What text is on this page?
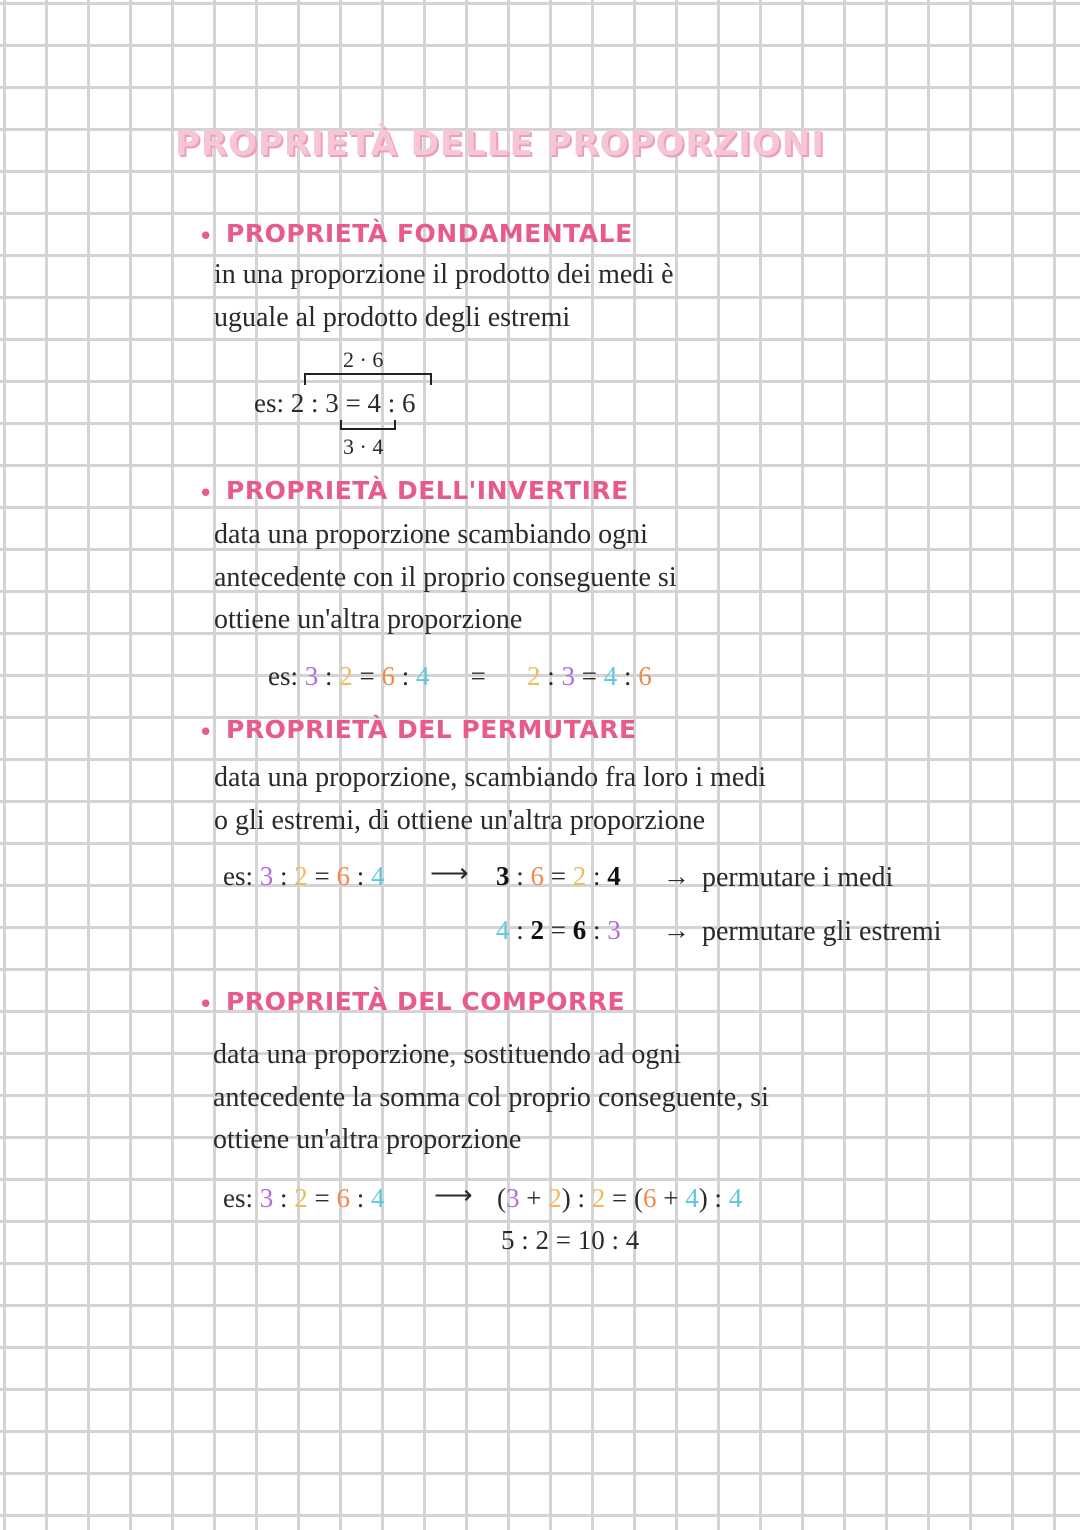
PROPRIETÀ DELLE PROPORZIONI
• PROPRIETÀ FONDAMENTALE
in una proporzione il prodotto dei medi è
uguale al prodotto degli estremi
2 · 6
es: 2 : 3 = 4 : 6
3 · 4
• PROPRIETÀ DELL'INVERTIRE
data una proporzione scambiando ogni
antecedente con il proprio conseguente si
ottiene un'altra proporzione
es: 3 : 2 = 6 : 4 = 2 : 3 = 4 : 6
• PROPRIETÀ DEL PERMUTARE
data una proporzione, scambiando fra loro i medi
o gli estremi, di ottiene un'altra proporzione
es: 3 : 2 = 6 : 4 ⟶ 3 : 6 = 2 : 4 → permutare i medi
4 : 2 = 6 : 3 → permutare gli estremi
• PROPRIETÀ DEL COMPORRE
data una proporzione, sostituendo ad ogni
antecedente la somma col proprio conseguente, si
ottiene un'altra proporzione
es: 3 : 2 = 6 : 4 ⟶ (3 + 2) : 2 = (6 + 4) : 4
5 : 2 = 10 : 4
